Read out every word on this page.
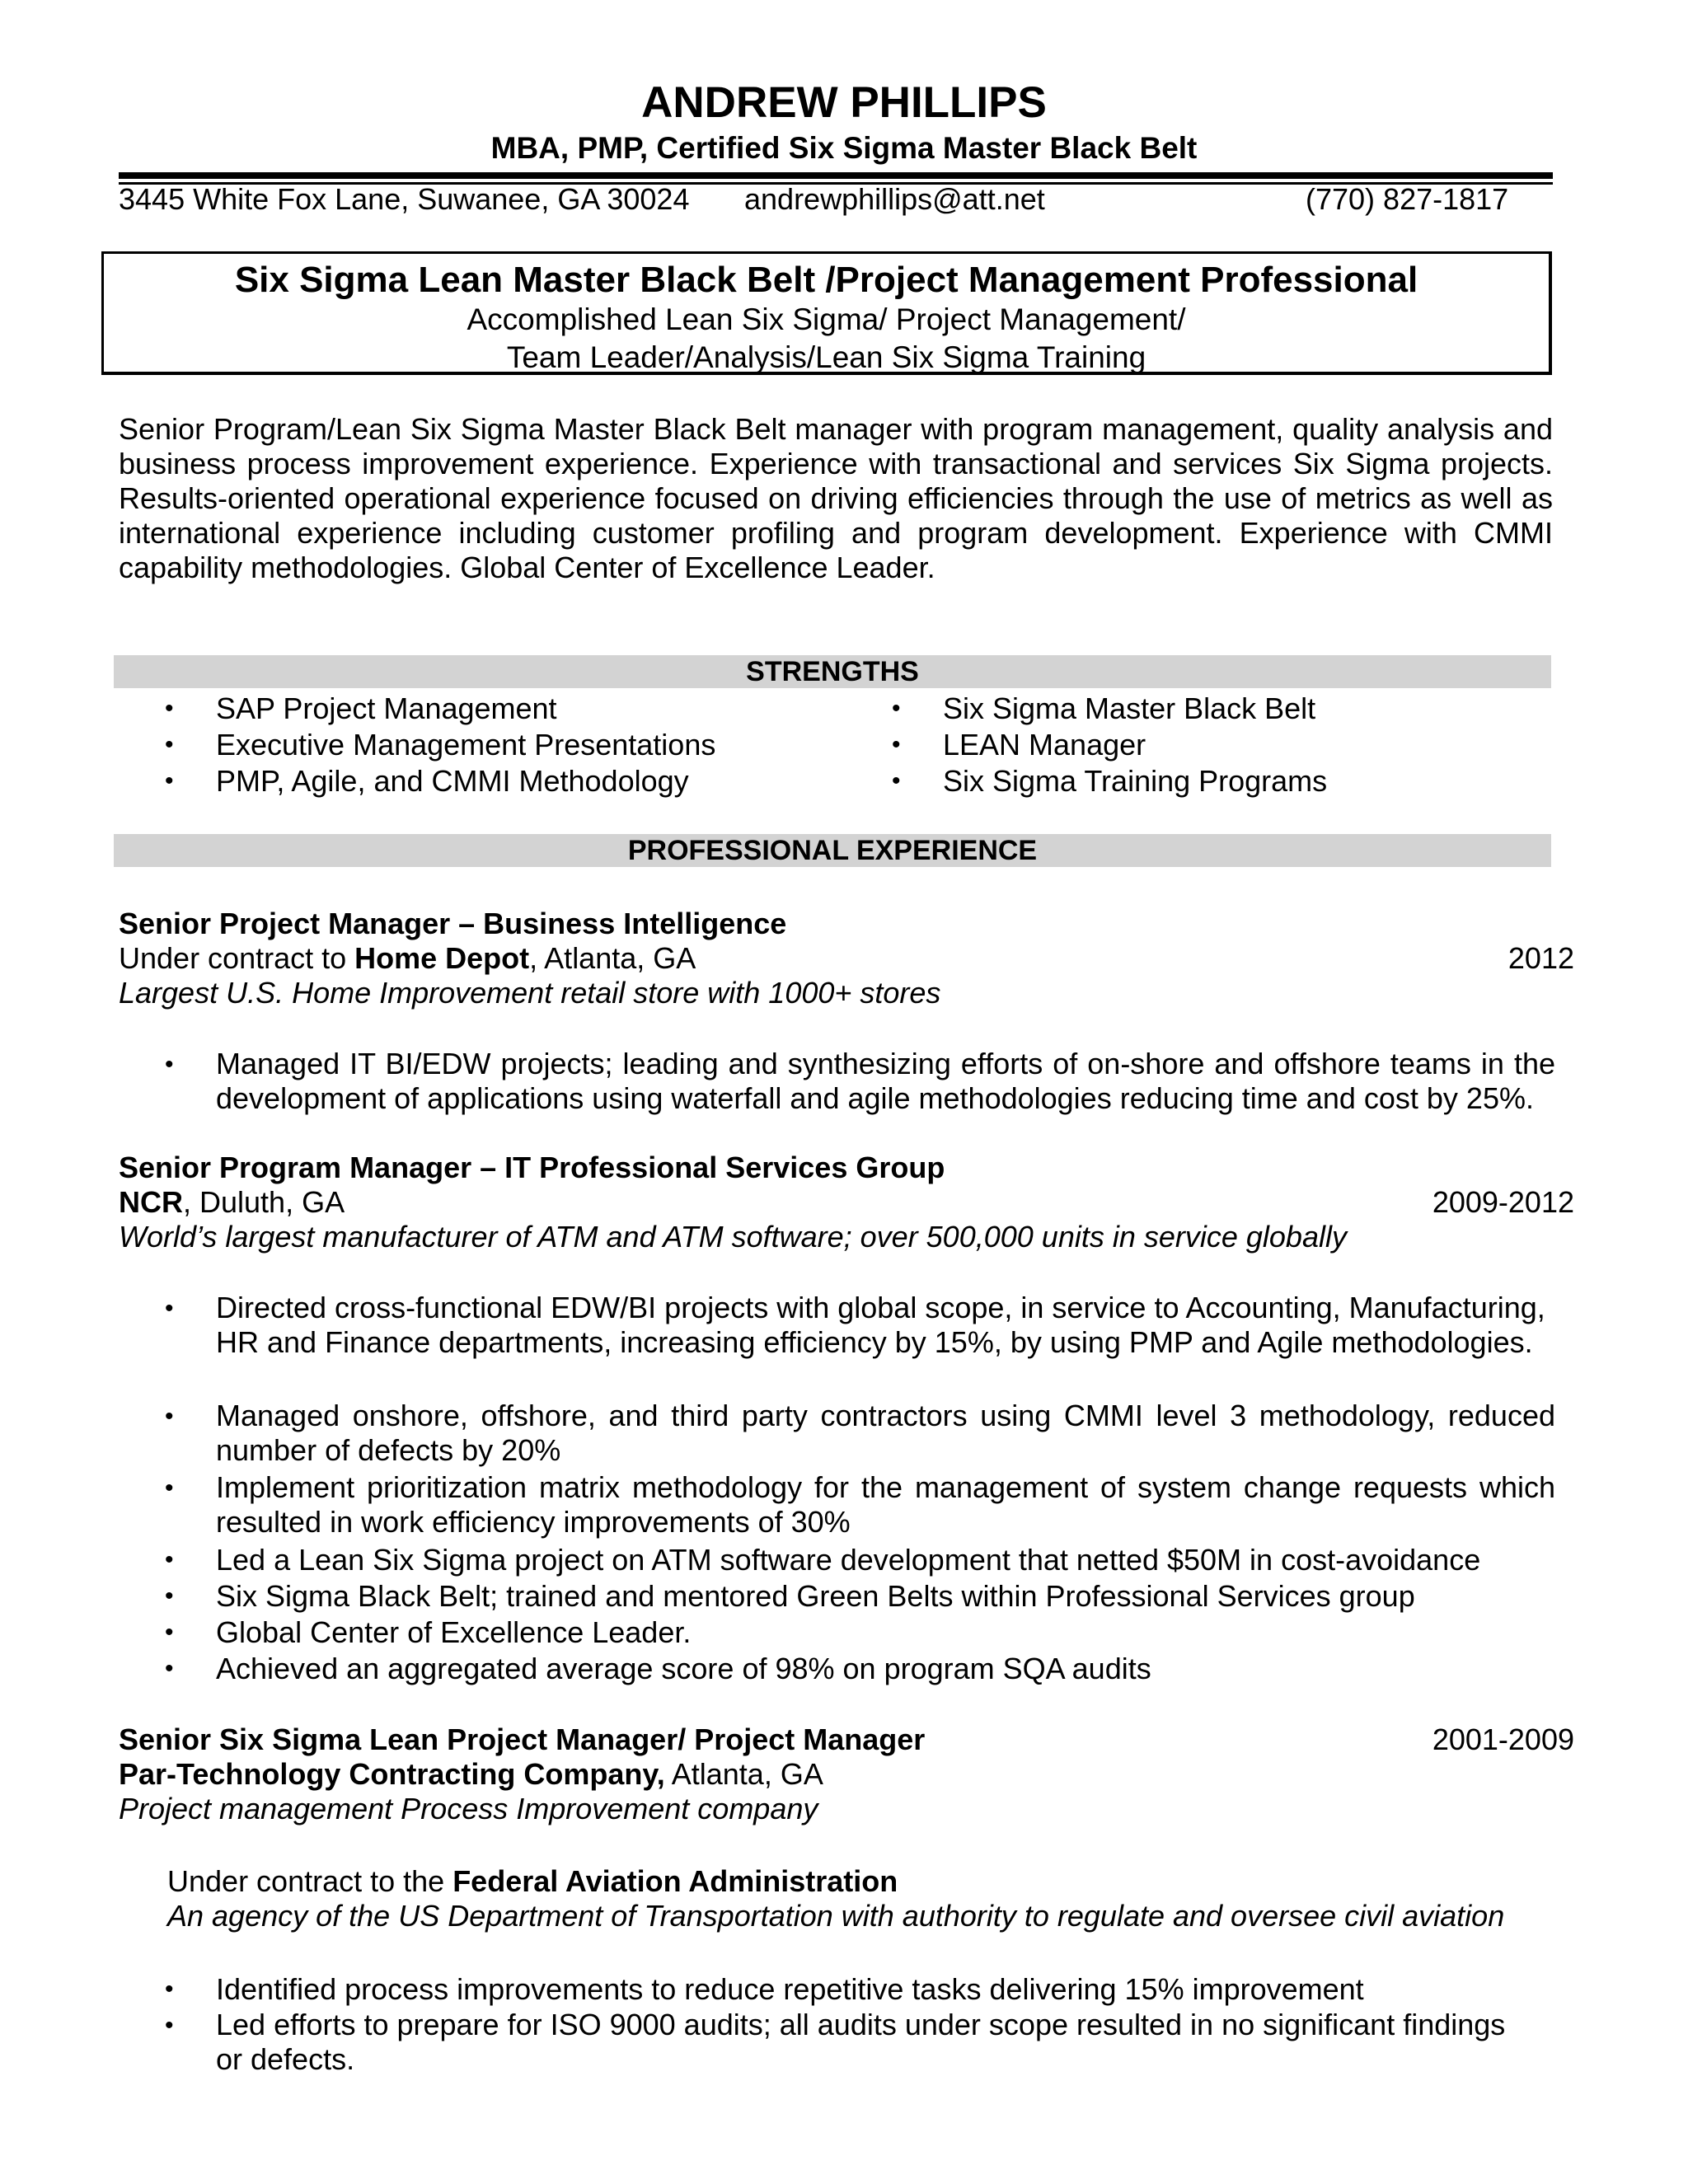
ANDREW PHILLIPS
MBA, PMP, Certified Six Sigma Master Black Belt
3445 White Fox Lane, Suwanee, GA 30024 andrewphillips@att.net	(770) 827-1817
Six Sigma Lean Master Black Belt /Project Management Professional
Accomplished Lean Six Sigma/ Project Management/
Team Leader/Analysis/Lean Six Sigma Training
Senior Program/Lean Six Sigma Master Black Belt manager with program management, quality analysis and business process improvement experience. Experience with transactional and services Six Sigma projects. Results-oriented operational experience focused on driving efficiencies through the use of metrics as well as international experience including customer profiling and program development. Experience with CMMI capability methodologies. Global Center of Excellence Leader.
STRENGTHS
• SAP Project Management	• Six Sigma Master Black Belt
• Executive Management Presentations	• LEAN Manager
• PMP, Agile, and CMMI Methodology	• Six Sigma Training Programs
PROFESSIONAL EXPERIENCE
Senior Project Manager – Business Intelligence
Under contract to Home Depot, Atlanta, GA	2012
Largest U.S. Home Improvement retail store with 1000+ stores
• Managed IT BI/EDW projects; leading and synthesizing efforts of on-shore and offshore teams in the development of applications using waterfall and agile methodologies reducing time and cost by 25%.
Senior Program Manager – IT Professional Services Group
NCR, Duluth, GA	2009-2012
World’s largest manufacturer of ATM and ATM software; over 500,000 units in service globally
• Directed cross-functional EDW/BI projects with global scope, in service to Accounting, Manufacturing, HR and Finance departments, increasing efficiency by 15%, by using PMP and Agile methodologies.
• Managed onshore, offshore, and third party contractors using CMMI level 3 methodology, reduced number of defects by 20%
• Implement prioritization matrix methodology for the management of system change requests which resulted in work efficiency improvements of 30%
• Led a Lean Six Sigma project on ATM software development that netted $50M in cost-avoidance
• Six Sigma Black Belt; trained and mentored Green Belts within Professional Services group
• Global Center of Excellence Leader.
• Achieved an aggregated average score of 98% on program SQA audits
Senior Six Sigma Lean Project Manager/ Project Manager	2001-2009
Par-Technology Contracting Company, Atlanta, GA
Project management Process Improvement company
Under contract to the Federal Aviation Administration
An agency of the US Department of Transportation with authority to regulate and oversee civil aviation
• Identified process improvements to reduce repetitive tasks delivering 15% improvement
• Led efforts to prepare for ISO 9000 audits; all audits under scope resulted in no significant findings or defects.
